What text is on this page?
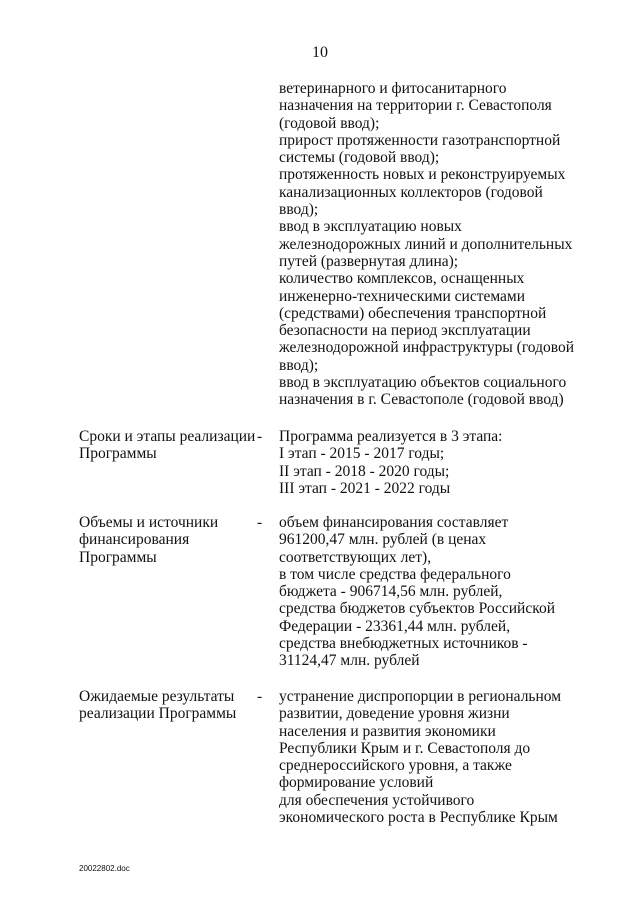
10
ветеринарного и фитосанитарного
назначения на территории г. Севастополя
(годовой ввод);
прирост протяженности газотранспортной
системы (годовой ввод);
протяженность новых и реконструируемых
канализационных коллекторов (годовой
ввод);
ввод в эксплуатацию новых
железнодорожных линий и дополнительных
путей (развернутая длина);
количество комплексов, оснащенных
инженерно-техническими системами
(средствами) обеспечения транспортной
безопасности на период эксплуатации
железнодорожной инфраструктуры (годовой
ввод);
ввод в эксплуатацию объектов социального
назначения в г. Севастополе (годовой ввод)
Сроки и этапы реализации
Программы
- Программа реализуется в 3 этапа:
I этап - 2015 - 2017 годы;
II этап - 2018 - 2020 годы;
III этап - 2021 - 2022 годы
Объемы и источники
финансирования
Программы
- объем финансирования составляет
961200,47 млн. рублей (в ценах
соответствующих лет),
в том числе средства федерального
бюджета - 906714,56 млн. рублей,
средства бюджетов субъектов Российской
Федерации - 23361,44 млн. рублей,
средства внебюджетных источников -
31124,47 млн. рублей
Ожидаемые результаты
реализации Программы
- устранение диспропорции в региональном
развитии, доведение уровня жизни
населения и развития экономики
Республики Крым и г. Севастополя до
среднероссийского уровня, а также
формирование условий
для обеспечения устойчивого
экономического роста в Республике Крым
20022802.doc
